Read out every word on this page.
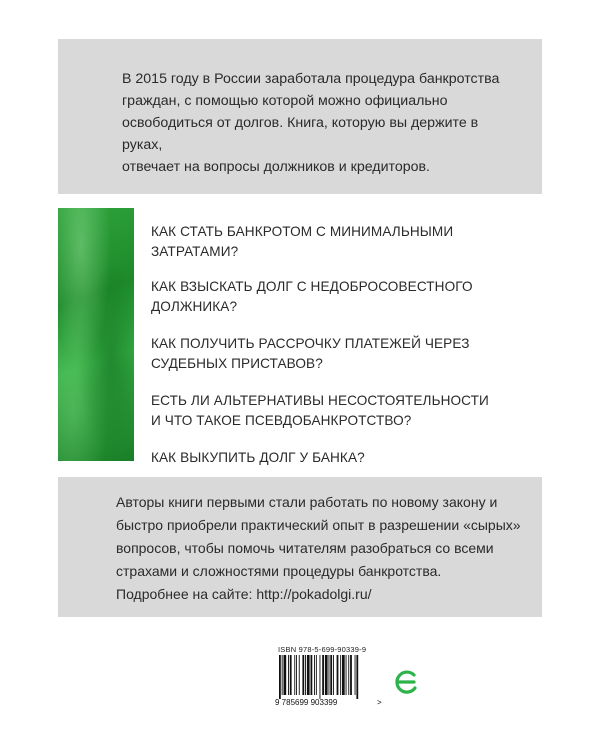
В 2015 году в России заработала процедура банкротства
граждан, с помощью которой можно официально
освободиться от долгов. Книга, которую вы держите в руках,
отвечает на вопросы должников и кредиторов.
КАК СТАТЬ БАНКРОТОМ С МИНИМАЛЬНЫМИ ЗАТРАТАМИ?
КАК ВЗЫСКАТЬ ДОЛГ С НЕДОБРОСОВЕСТНОГО
ДОЛЖНИКА?
КАК ПОЛУЧИТЬ РАССРОЧКУ ПЛАТЕЖЕЙ ЧЕРЕЗ
СУДЕБНЫХ ПРИСТАВОВ?
ЕСТЬ ЛИ АЛЬТЕРНАТИВЫ НЕСОСТОЯТЕЛЬНОСТИ
И ЧТО ТАКОЕ ПСЕВДОБАНКРОТСТВО?
КАК ВЫКУПИТЬ ДОЛГ У БАНКА?
Авторы книги первыми стали работать по новому закону и
быстро приобрели практический опыт в разрешении «сырых»
вопросов, чтобы помочь читателям разобраться со всеми
страхами и сложностями процедуры банкротства.
Подробнее на сайте: http://pokadolgi.ru/
ISBN 978-5-699-90339-9
9 785699 903399	>
